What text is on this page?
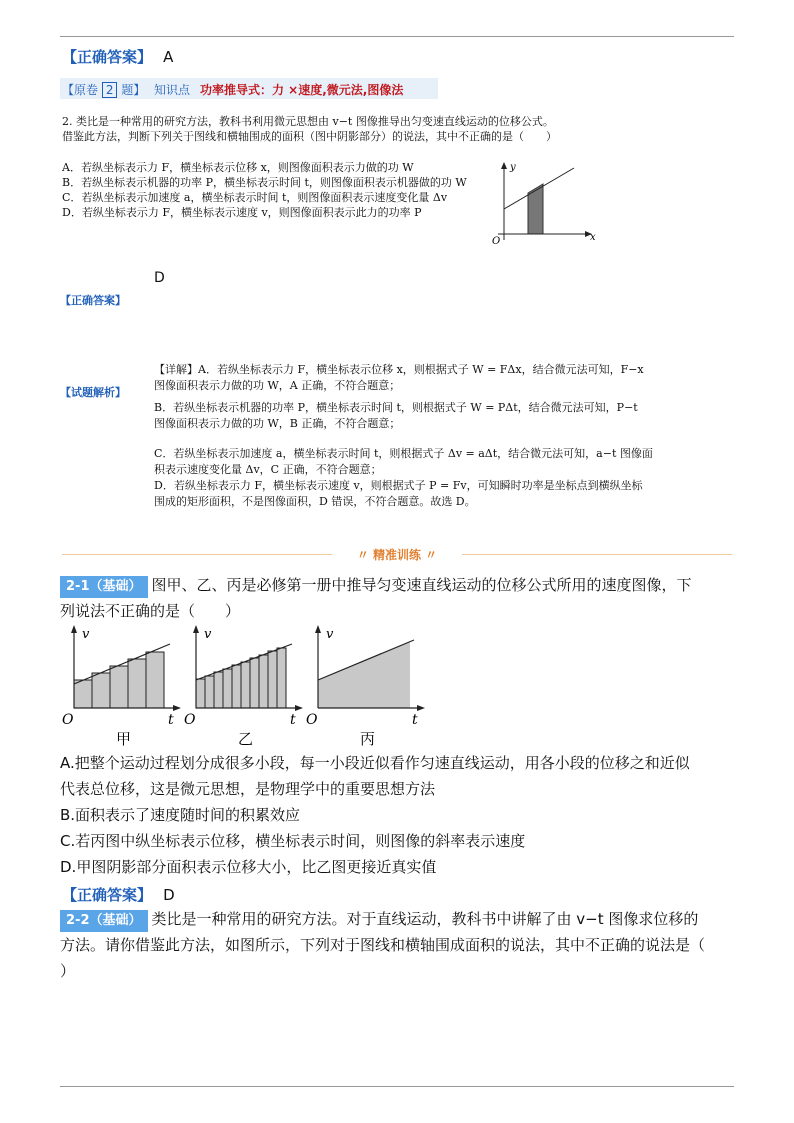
【正确答案】 A
【原卷 2 题】 知识点 功率推导式：力 ×速度,微元法,图像法
2. 类比是一种常用的研究方法，教科书利用微元思想由 v−t 图像推导出匀变速直线运动的位移公式。
借鉴此方法，判断下列关于图线和横轴围成的面积（图中阴影部分）的说法，其中不正确的是（　　）
A．若纵坐标表示力 F，横坐标表示位移 x，则图像面积表示力做的功 W
B．若纵坐标表示机器的功率 P，横坐标表示时间 t，则图像面积表示机器做的功 W
C．若纵坐标表示加速度 a，横坐标表示时间 t，则图像面积表示速度变化量 Δv
D．若纵坐标表示力 F，横坐标表示速度 v，则图像面积表示此力的功率 P
y
x
O
D
【正确答案】
【试题解析】
【详解】A．若纵坐标表示力 F，横坐标表示位移 x，则根据式子 W = FΔx，结合微元法可知，F−x
图像面积表示力做的功 W，A 正确，不符合题意；
B．若纵坐标表示机器的功率 P，横坐标表示时间 t，则根据式子 W = PΔt，结合微元法可知，P−t
图像面积表示力做的功 W，B 正确，不符合题意；
C．若纵坐标表示加速度 a，横坐标表示时间 t，则根据式子 Δv = aΔt，结合微元法可知，a−t 图像面
积表示速度变化量 Δv，C 正确，不符合题意；
D．若纵坐标表示力 F，横坐标表示速度 v，则根据式子 P = Fv，可知瞬时功率是坐标点到横纵坐标
围成的矩形面积，不是图像面积，D 错误，不符合题意。故选 D。
〃 精准训练 〃
2-1（基础） 图甲、乙、丙是必修第一册中推导匀变速直线运动的位移公式所用的速度图像，下
列说法不正确的是（　　）
v
O	t
甲
v
O	t
乙
v
O	t
丙
A.把整个运动过程划分成很多小段，每一小段近似看作匀速直线运动，用各小段的位移之和近似
代表总位移，这是微元思想，是物理学中的重要思想方法
B.面积表示了速度随时间的积累效应
C.若丙图中纵坐标表示位移，横坐标表示时间，则图像的斜率表示速度
D.甲图阴影部分面积表示位移大小，比乙图更接近真实值
【正确答案】 D
2-2（基础） 类比是一种常用的研究方法。对于直线运动，教科书中讲解了由 v−t 图像求位移的
方法。请你借鉴此方法，如图所示，下列对于图线和横轴围成面积的说法，其中不正确的说法是（
）
